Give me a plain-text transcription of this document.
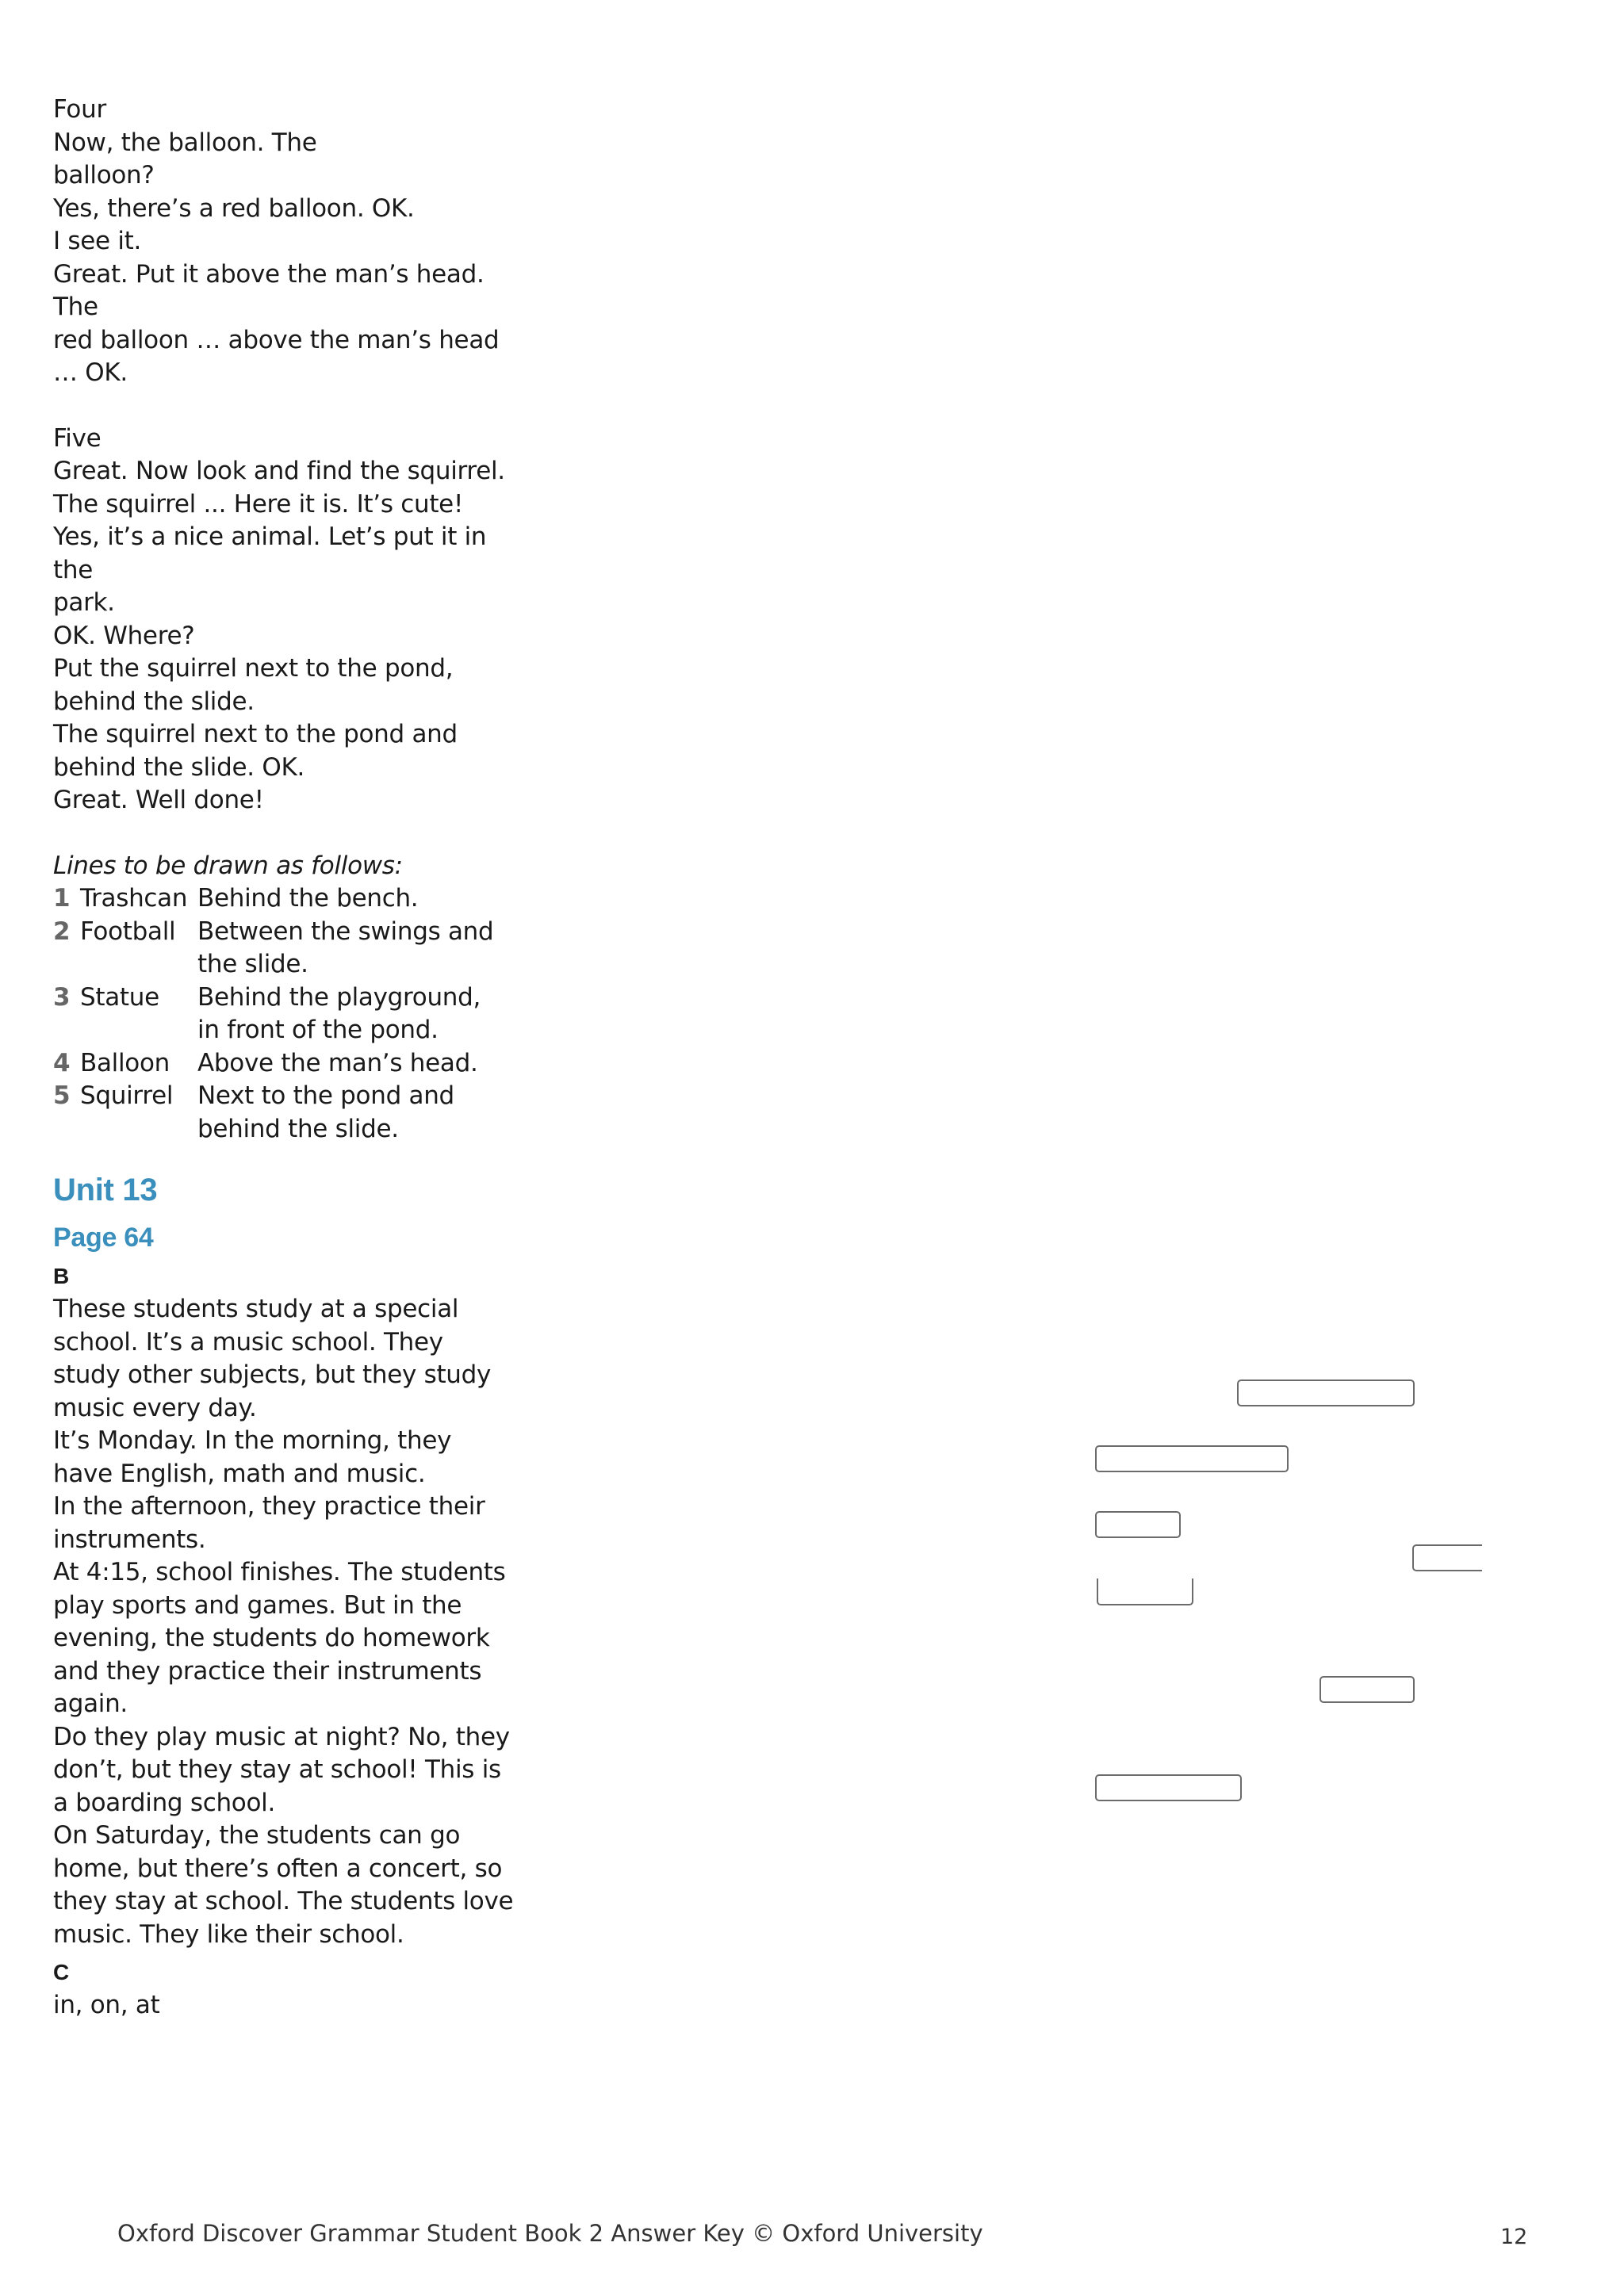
Four

Now, the balloon. The

balloon?

Yes, there’s a red balloon. OK.

I see it.

Great. Put it above the man’s head. The

red balloon … above the man’s head

… OK.

Five

Great. Now look and find the squirrel.

The squirrel ... Here it is. It’s cute!

Yes, it’s a nice animal. Let’s put it in the

park.

OK. Where?

Put the squirrel next to the pond,

behind the slide.

The squirrel next to the pond and

behind the slide. OK.

Great. Well done!

Lines to be drawn as follows:

1 Trashcan Behind the bench.
2 Football Between the swings and
the slide.
3 Statue	Behind the playground,
in front of the pond.
4 Balloon	Above the man’s head.
5 Squirrel Next to the pond and
behind the slide.

Unit 13

Page 64

B

These students study at a special

school. It’s a music school. They

study other subjects, but they study

music every day.

It’s Monday. In the morning, they

have English, math and music.

In the afternoon, they practice their

instruments.

At 4:15, school finishes. The students

play sports and games. But in the

evening, the students do homework

and they practice their instruments

again.

Do they play music at night? No, they

don’t, but they stay at school! This is

a boarding school.

On Saturday, the students can go

home, but there’s often a concert, so

they stay at school. The students love

music. They like their school.

C

in, on, at

Oxford Discover Grammar Student Book 2 Answer Key © Oxford University	12
